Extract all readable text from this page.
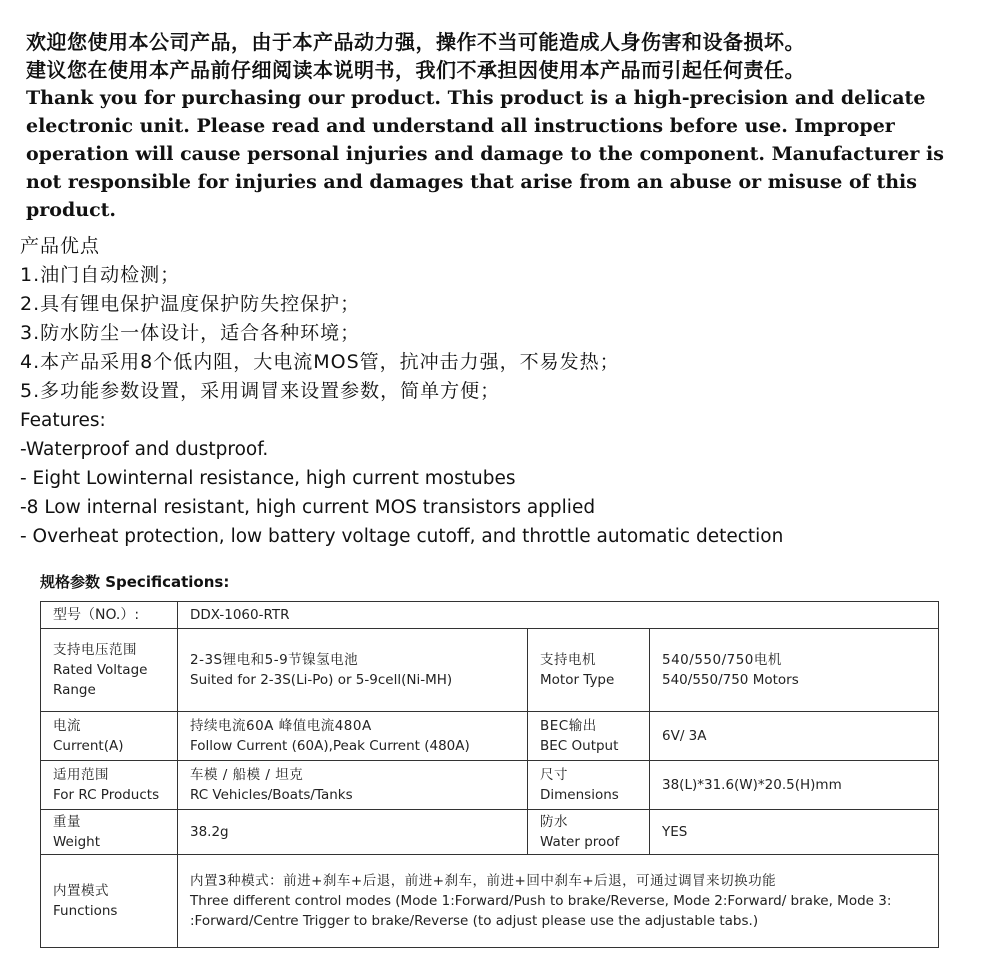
欢迎您使用本公司产品，由于本产品动力强，操作不当可能造成人身伤害和设备损坏。

建议您在使用本产品前仔细阅读本说明书，我们不承担因使用本产品而引起任何责任。

Thank you for purchasing our product. This product is a high-precision and delicate electronic unit. Please read and understand all instructions before use. Improper operation will cause personal injuries and damage to the component. Manufacturer is not responsible for injuries and damages that arise from an abuse or misuse of this product.

产品优点

1.油门自动检测；

2.具有锂电保护温度保护防失控保护；

3.防水防尘一体设计，适合各种环境；

4.本产品采用8个低内阻，大电流MOS管，抗冲击力强，不易发热；

5.多功能参数设置，采用调冒来设置参数，简单方便；

Features:

-Waterproof and dustproof.

- Eight Lowinternal resistance, high current mostubes

-8 Low internal resistant, high current MOS transistors applied

- Overheat protection, low battery voltage cutoff, and throttle automatic detection

规格参数 Specifications:
型号（NO.）:	DDX-1060-RTR		

支持电压范围
Rated Voltage Range	2-3S锂电和5-9节镍氢电池
Suited for 2-3S(Li-Po) or 5-9cell(Ni-MH)	支持电机
Motor Type	540/550/750电机
540/550/750 Motors

电流
Current(A)	持续电流60A 峰值电流480A
Follow Current (60A),Peak Current (480A)	BEC输出
BEC Output	6V/ 3A

适用范围
For RC Products	车模 / 船模 / 坦克
RC Vehicles/Boats/Tanks	尺寸
Dimensions	38(L)*31.6(W)*20.5(H)mm

重量
Weight	38.2g	防水
Water proof	YES

内置模式
Functions	内置3种模式：前进+刹车+后退，前进+刹车，前进+回中刹车+后退，可通过调冒来切换功能
Three different control modes (Mode 1:Forward/Push to brake/Reverse, Mode 2:Forward/ brake, Mode 3: :Forward/Centre Trigger to brake/Reverse (to adjust please use the adjustable tabs.)		
